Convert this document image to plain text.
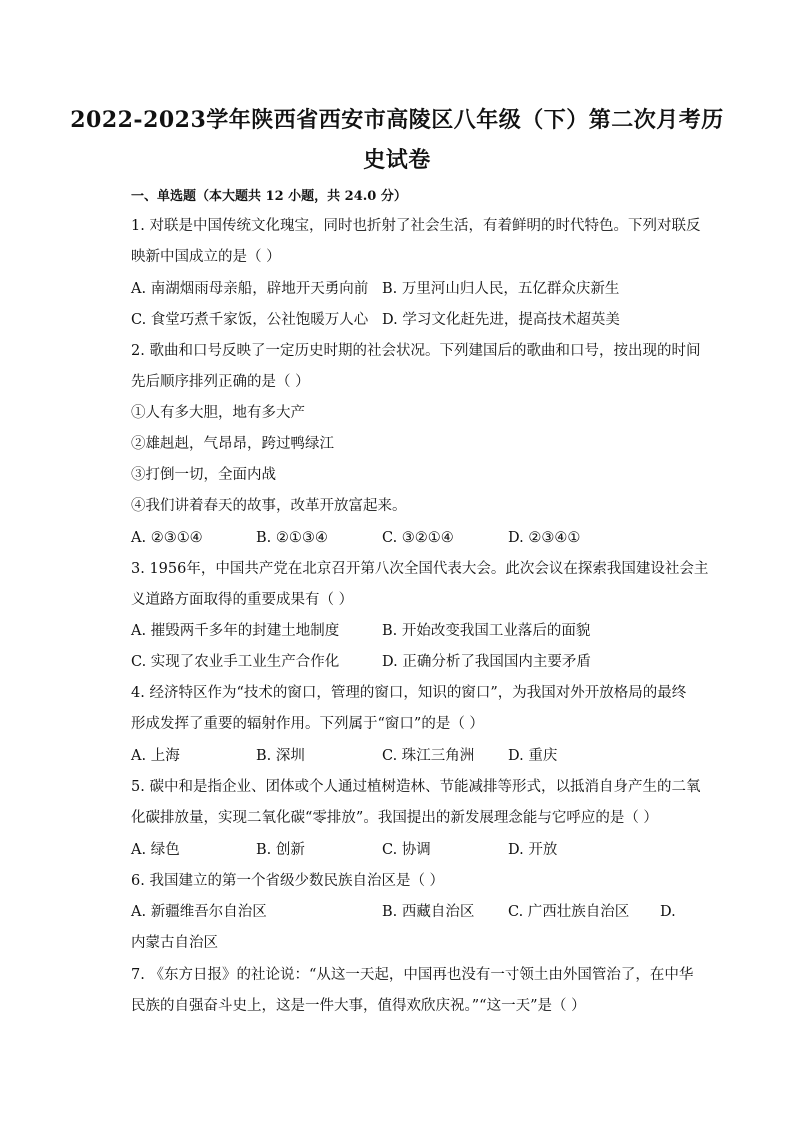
2022-2023学年陕西省西安市高陵区八年级（下）第二次月考历
史试卷
一、单选题（本大题共 12 小题，共 24.0 分）
1. 对联是中国传统文化瑰宝，同时也折射了社会生活，有着鲜明的时代特色。下列对联反
映新中国成立的是（ ）
A. 南湖烟雨母亲船，辟地开天勇向前 B. 万里河山归人民，五亿群众庆新生
C. 食堂巧煮千家饭，公社饱暖万人心 D. 学习文化赶先进，提高技术超英美
2. 歌曲和口号反映了一定历史时期的社会状况。下列建国后的歌曲和口号，按出现的时间
先后顺序排列正确的是（ ）
①人有多大胆，地有多大产
②雄赳赳，气昂昂，跨过鸭绿江
③打倒一切，全面内战
④我们讲着春天的故事，改革开放富起来。
A. ②③①④	B. ②①③④	C. ③②①④	D. ②③④①
3. 1956年，中国共产党在北京召开第八次全国代表大会。此次会议在探索我国建设社会主
义道路方面取得的重要成果有（ ）
A. 摧毁两千多年的封建土地制度	B. 开始改变我国工业落后的面貌
C. 实现了农业手工业生产合作化	D. 正确分析了我国国内主要矛盾
4. 经济特区作为“技术的窗口，管理的窗口，知识的窗口”，为我国对外开放格局的最终
形成发挥了重要的辐射作用。下列属于“窗口”的是（ ）
A. 上海	B. 深圳	C. 珠江三角洲 D. 重庆
5. 碳中和是指企业、团体或个人通过植树造林、节能减排等形式，以抵消自身产生的二氧
化碳排放量，实现二氧化碳“零排放”。我国提出的新发展理念能与它呼应的是（ ）
A. 绿色	B. 创新	C. 协调	D. 开放
6. 我国建立的第一个省级少数民族自治区是（ ）
A. 新疆维吾尔自治区	B. 西藏自治区 C. 广西壮族自治区 D.
内蒙古自治区
7. 《东方日报》的社论说：“从这一天起，中国再也没有一寸领土由外国管治了，在中华
民族的自强奋斗史上，这是一件大事，值得欢欣庆祝。”“这一天”是（ ）
